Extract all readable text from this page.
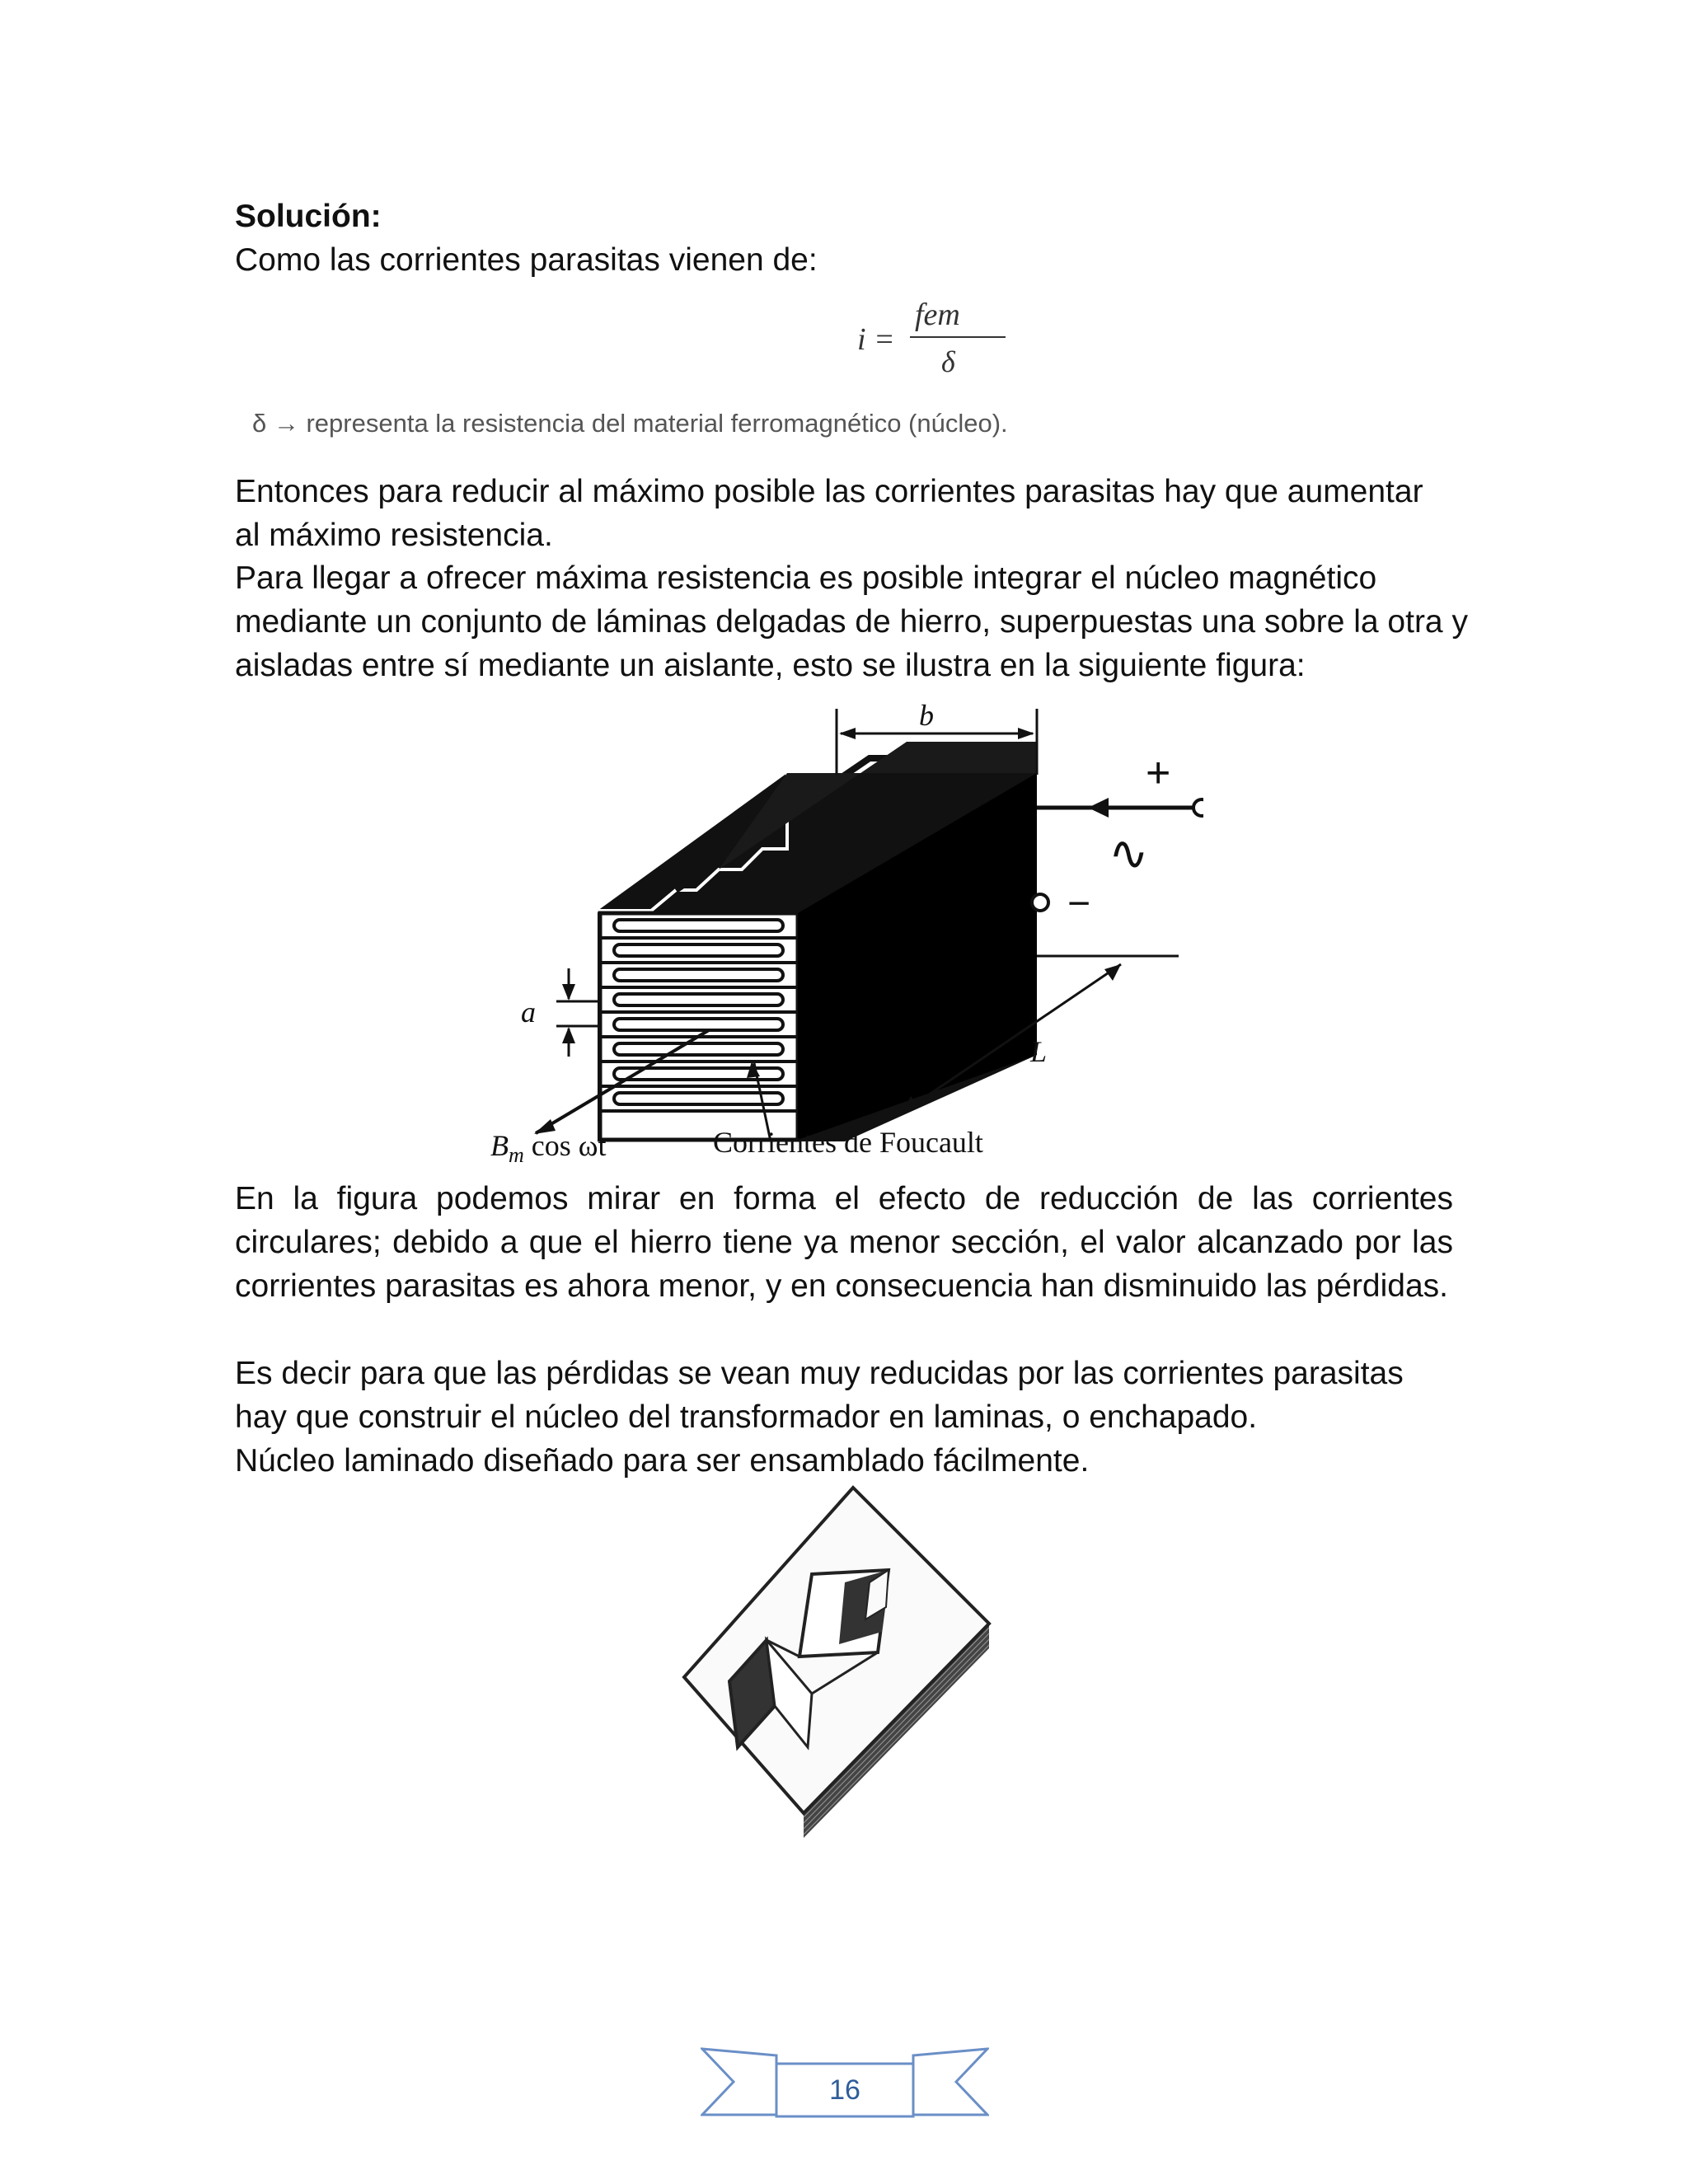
Solución:

Como las corrientes parasitas vienen de:

i =
fem
δ

δ → representa la resistencia del material ferromagnético (núcleo).

Entonces para reducir al máximo posible las corrientes parasitas hay que aumentar al máximo resistencia.

Para llegar a ofrecer máxima resistencia es posible integrar el núcleo magnético mediante un conjunto de láminas delgadas de hierro, superpuestas una sobre la otra y aisladas entre sí mediante un aislante, esto se ilustra en la siguiente figura:

b
+
∿
−
L
a
$B_m$ cos ωt	Corrientes de Foucault

En la figura podemos mirar en forma el efecto de reducción de las corrientes circulares; debido a que el hierro tiene ya menor sección, el valor alcanzado por las corrientes parasitas es ahora menor, y en consecuencia han disminuido las pérdidas.

Es decir para que las pérdidas se vean muy reducidas por las corrientes parasitas hay que construir el núcleo del transformador en laminas, o enchapado.

Núcleo laminado diseñado para ser ensamblado fácilmente.

16
